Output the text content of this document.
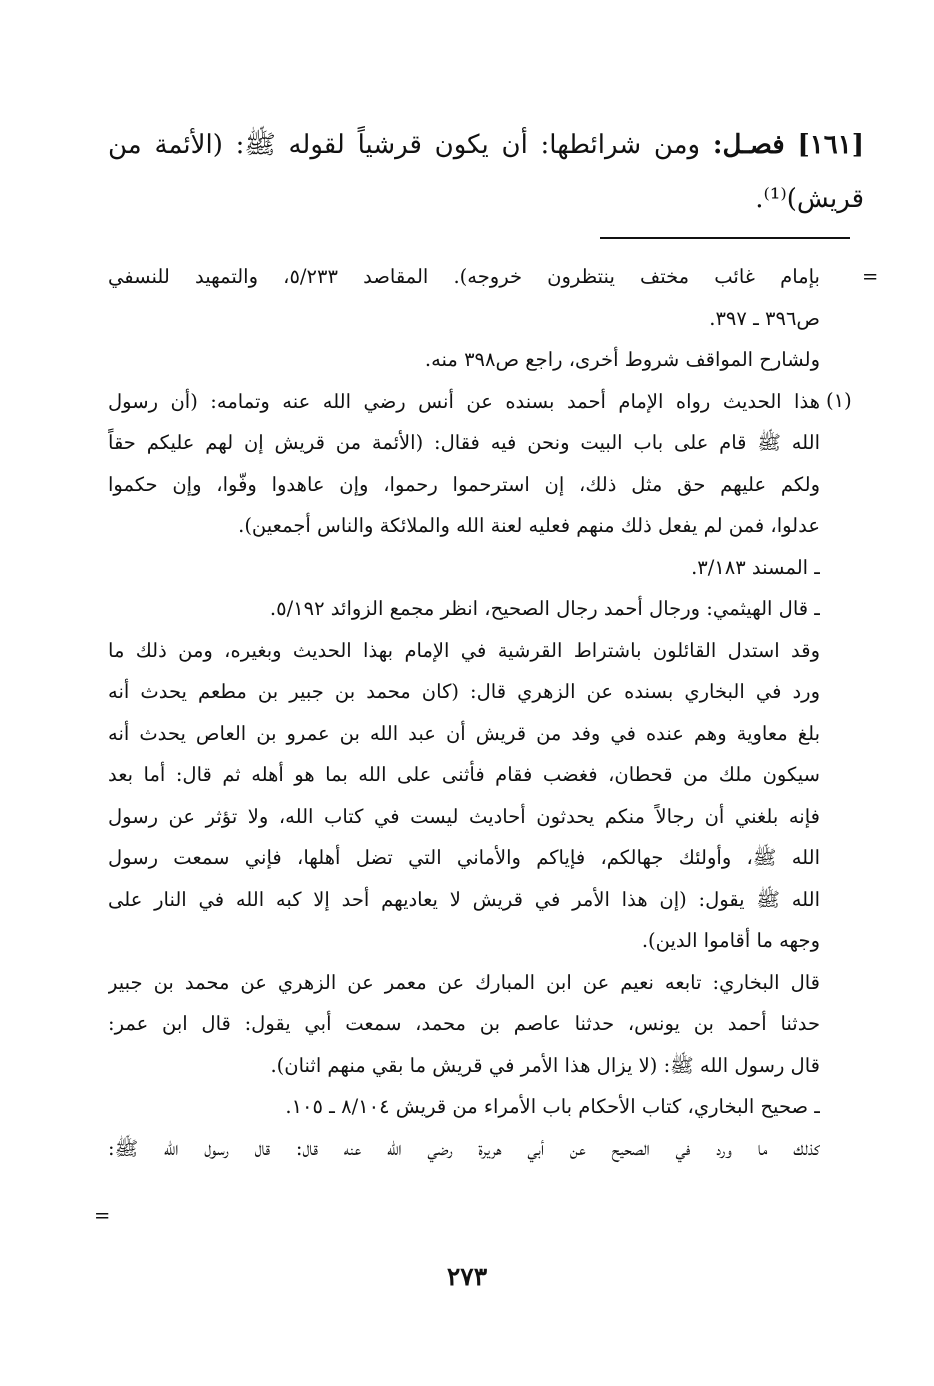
[١٦١] فصـل: ومن شرائطها: أن يكون قرشياً لقوله ﷺ: (الأئمة من
قريش)⁽¹⁾.
=
(١)
بإمام غائب مختف ينتظرون خروجه). المقاصد ٥/٢٣٣، والتمهيد للنسفي
ص٣٩٦ ـ ٣٩٧.
ولشارح المواقف شروط أخرى، راجع ص٣٩٨ منه.
هذا الحديث رواه الإمام أحمد بسنده عن أنس رضي الله عنه وتمامه: (أن رسول
الله ﷺ قام على باب البيت ونحن فيه فقال: (الأئمة من قريش إن لهم عليكم حقاً
ولكم عليهم حق مثل ذلك، إن استرحموا رحموا، وإن عاهدوا وفّوا، وإن حكموا
عدلوا، فمن لم يفعل ذلك منهم فعليه لعنة الله والملائكة والناس أجمعين).
ـ المسند ٣/١٨٣.
ـ قال الهيثمي: ورجال أحمد رجال الصحيح، انظر مجمع الزوائد ٥/١٩٢.
وقد استدل القائلون باشتراط القرشية في الإمام بهذا الحديث وبغيره، ومن ذلك ما
ورد في البخاري بسنده عن الزهري قال: (كان محمد بن جبير بن مطعم يحدث أنه
بلغ معاوية وهم عنده في وفد من قريش أن عبد الله بن عمرو بن العاص يحدث أنه
سيكون ملك من قحطان، فغضب فقام فأثنى على الله بما هو أهله ثم قال: أما بعد
فإنه بلغني أن رجالاً منكم يحدثون أحاديث ليست في كتاب الله، ولا تؤثر عن رسول
الله ﷺ، وأولئك جهالكم، فإياكم والأماني التي تضل أهلها، فإني سمعت رسول
الله ﷺ يقول: (إن هذا الأمر في قريش لا يعاديهم أحد إلا كبه الله في النار على
وجهه ما أقاموا الدين).
قال البخاري: تابعه نعيم عن ابن المبارك عن معمر عن الزهري عن محمد بن جبير
حدثنا أحمد بن يونس، حدثنا عاصم بن محمد، سمعت أبي يقول: قال ابن عمر:
قال رسول الله ﷺ: (لا يزال هذا الأمر في قريش ما بقي منهم اثنان).
ـ صحيح البخاري، كتاب الأحكام باب الأمراء من قريش ٨/١٠٤ ـ ١٠٥.
كذلك ما ورد في الصحيح عن أبي هريرة رضي الله عنه قال: قال رسول الله ﷺ:
=
٢٧٣
